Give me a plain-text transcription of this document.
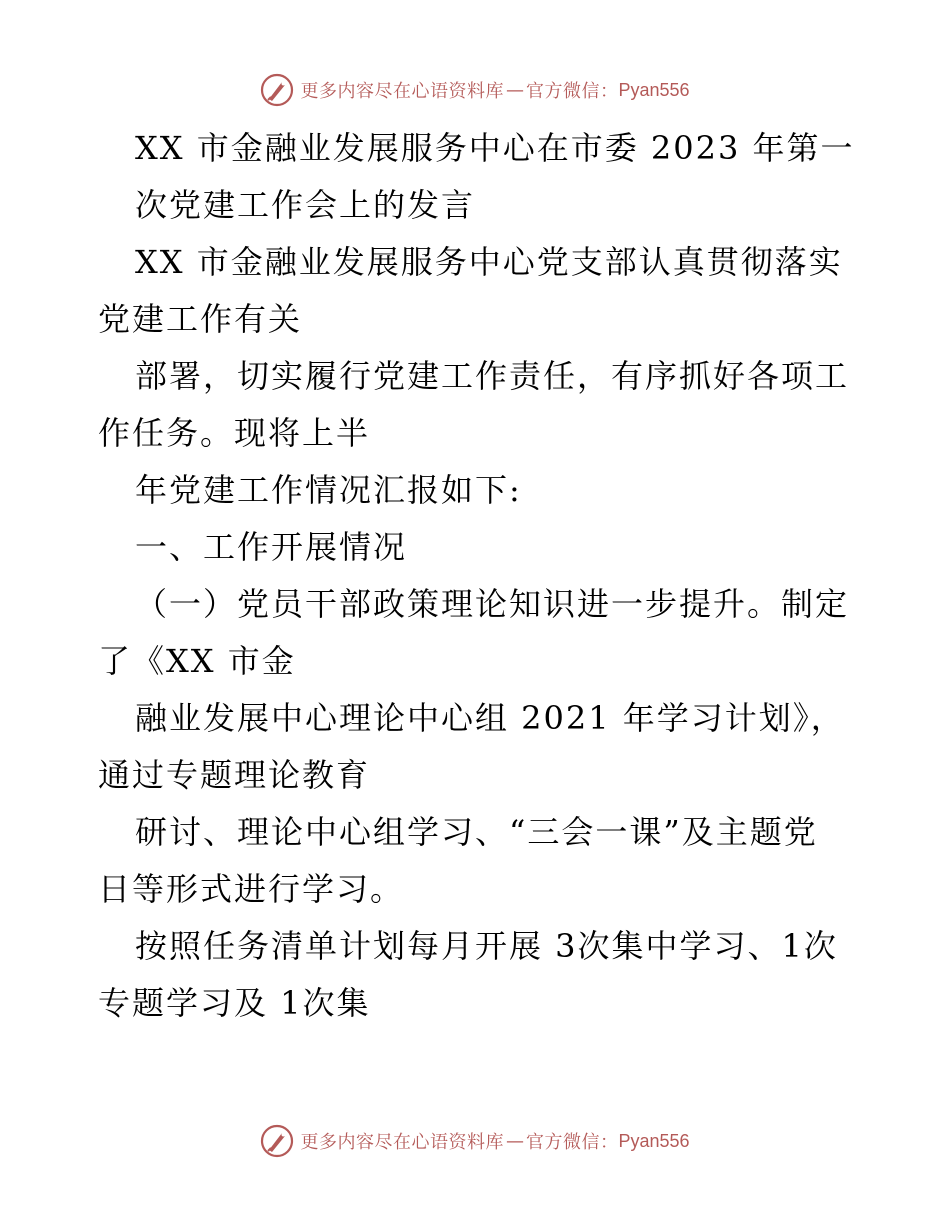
更多内容尽在心语资料库 — 官方微信： Pyan556
XX 市金融业发展服务中心在市委 2023 年第一
次党建工作会上的发言
XX 市金融业发展服务中心党支部认真贯彻落实
党建工作有关
部署，切实履行党建工作责任，有序抓好各项工
作任务。现将上半
年党建工作情况汇报如下:
一、工作开展情况
（一）党员干部政策理论知识进一步提升。制定
了《XX 市金
融业发展中心理论中心组 2021 年学习计划》，
通过专题理论教育
研讨、理论中心组学习、“三会一课”及主题党
日等形式进行学习。
按照任务清单计划每月开展 3次集中学习、1次
专题学习及 1次集
更多内容尽在心语资料库 — 官方微信： Pyan556
